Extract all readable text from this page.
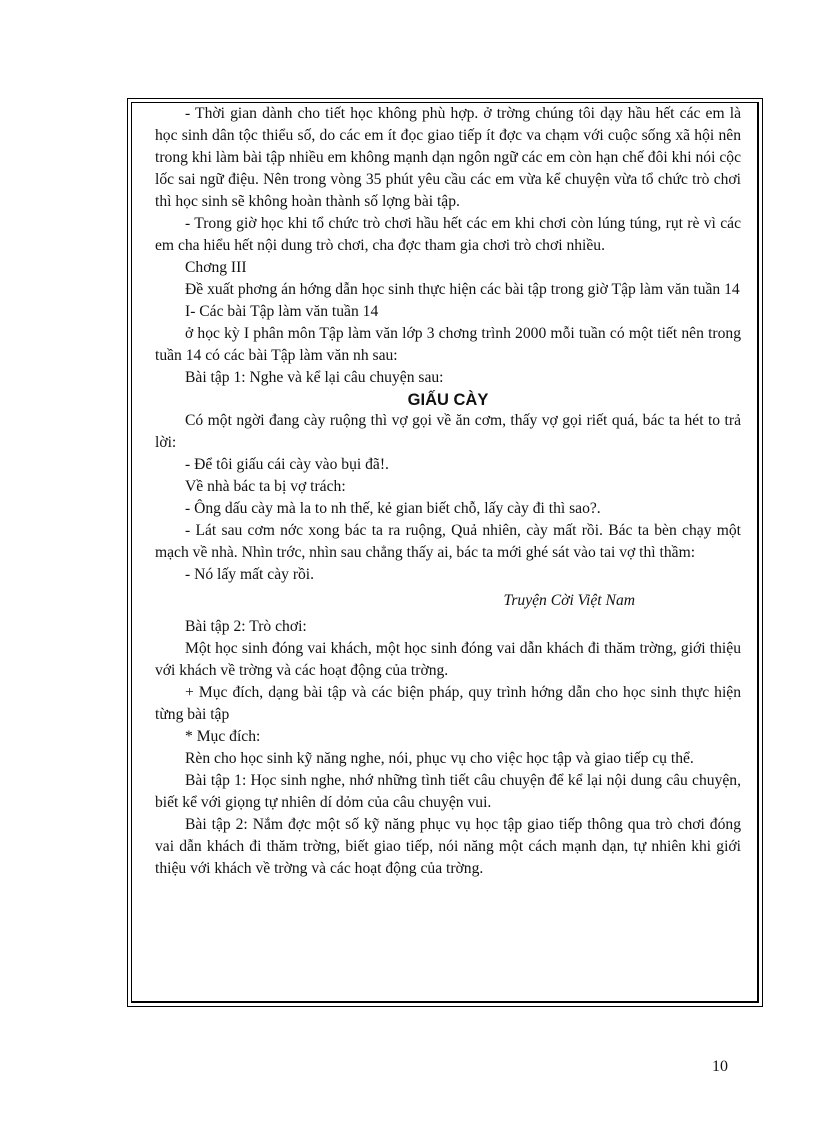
- Thời gian dành cho tiết học không phù hợp. ở trờng chúng tôi dạy hầu hết các em là học sinh dân tộc thiểu số, do các em ít đọc giao tiếp ít đợc va chạm với cuộc sống xã hội nên trong khi làm bài tập nhiều em không mạnh dạn ngôn ngữ các em còn hạn chế đôi khi nói cộc lốc sai ngữ điệu. Nên trong vòng 35 phút yêu cầu các em vừa kể chuyện vừa tổ chức trò chơi thì học sinh sẽ không hoàn thành số lợng bài tập.

- Trong giờ học khi tổ chức trò chơi hầu hết các em khi chơi còn lúng túng, rụt rè vì các em cha hiểu hết nội dung trò chơi, cha đợc tham gia chơi trò chơi nhiều.

Chơng III

Đề xuất phơng án hớng dẫn học sinh thực hiện các bài tập trong giờ Tập làm văn tuần 14

I- Các bài Tập làm văn tuần 14

ở học kỳ I phân môn Tập làm văn lớp 3 chơng trình 2000 mỗi tuần có một tiết nên trong tuần 14 có các bài Tập làm văn nh sau:

Bài tập 1: Nghe và kể lại câu chuyện sau:

GIẤU CÀY

Có một ngời đang cày ruộng thì vợ gọi về ăn cơm, thấy vợ gọi riết quá, bác ta hét to trả lời:

- Để tôi giấu cái cày vào bụi đã!.

Về nhà bác ta bị vợ trách:

- Ông dấu cày mà la to nh thế, kẻ gian biết chỗ, lấy cày đi thì sao?.

- Lát sau cơm nớc xong bác ta ra ruộng, Quả nhiên, cày mất rồi. Bác ta bèn chạy một mạch về nhà. Nhìn trớc, nhìn sau chẳng thấy ai, bác ta mới ghé sát vào tai vợ thì thầm:

- Nó lấy mất cày rồi.

Truyện Cời Việt Nam

Bài tập 2: Trò chơi:

Một học sinh đóng vai khách, một học sinh đóng vai dẫn khách đi thăm trờng, giới thiệu với khách về trờng và các hoạt động của trờng.

+ Mục đích, dạng bài tập và các biện pháp, quy trình hớng dẫn cho học sinh thực hiện từng bài tập

* Mục đích:

Rèn cho học sinh kỹ năng nghe, nói, phục vụ cho việc học tập và giao tiếp cụ thể.

Bài tập 1: Học sinh nghe, nhớ những tình tiết câu chuyện để kể lại nội dung câu chuyện, biết kể với giọng tự nhiên dí dỏm của câu chuyện vui.

Bài tập 2: Nắm đợc một số kỹ năng phục vụ học tập giao tiếp thông qua trò chơi đóng vai dẫn khách đi thăm trờng, biết giao tiếp, nói năng một cách mạnh dạn, tự nhiên khi giới thiệu với khách về trờng và các hoạt động của trờng.

10
